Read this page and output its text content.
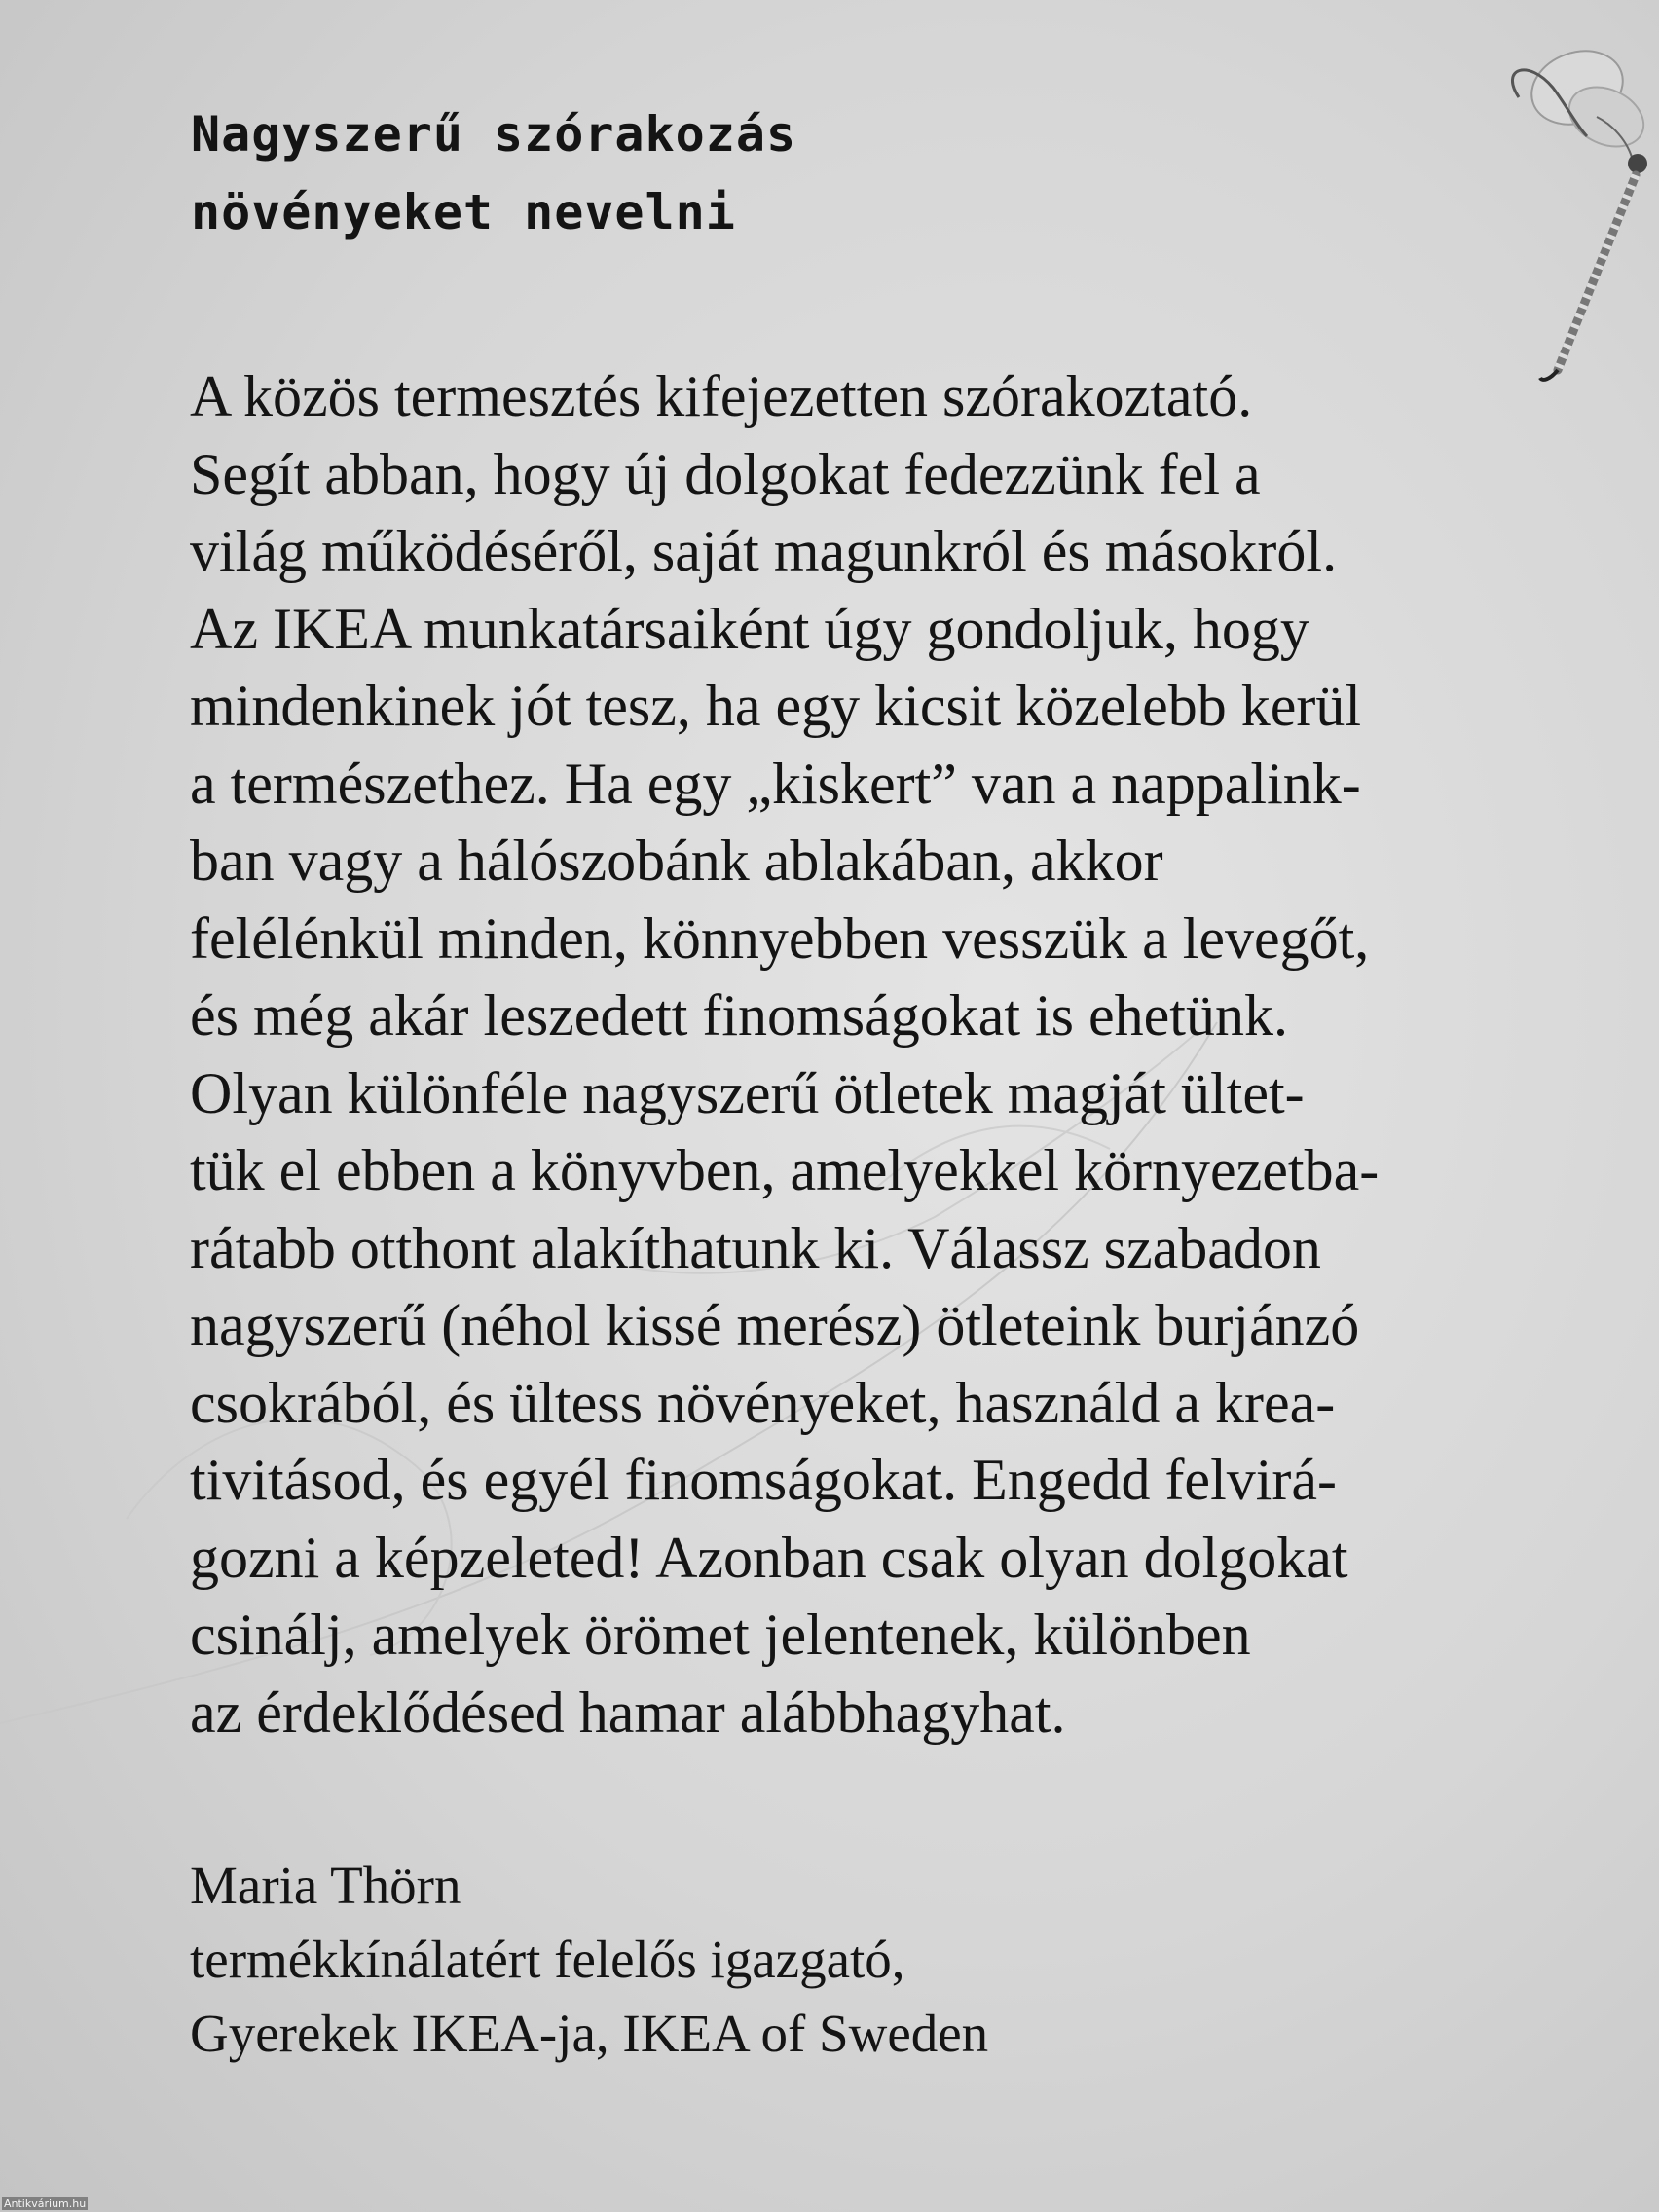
Nagyszerű szórakozás
növényeket nevelni
A közös termesztés kifejezetten szórakoztató.
Segít abban, hogy új dolgokat fedezzünk fel a
világ működéséről, saját magunkról és másokról.
Az IKEA munkatársaiként úgy gondoljuk, hogy
mindenkinek jót tesz, ha egy kicsit közelebb kerül
a természethez. Ha egy „kiskert” van a nappalink-
ban vagy a hálószobánk ablakában, akkor
felélénkül minden, könnyebben vesszük a levegőt,
és még akár leszedett finomságokat is ehetünk.
Olyan különféle nagyszerű ötletek magját ültet-
tük el ebben a könyvben, amelyekkel környezetba-
rátabb otthont alakíthatunk ki. Válassz szabadon
nagyszerű (néhol kissé merész) ötleteink burjánzó
csokrából, és ültess növényeket, használd a krea-
tivitásod, és egyél finomságokat. Engedd felvirá-
gozni a képzeleted! Azonban csak olyan dolgokat
csinálj, amelyek örömet jelentenek, különben
az érdeklődésed hamar alábbhagyhat.
Maria Thörn
termékkínálatért felelős igazgató,
Gyerekek IKEA-ja, IKEA of Sweden
Antikvárium.hu
